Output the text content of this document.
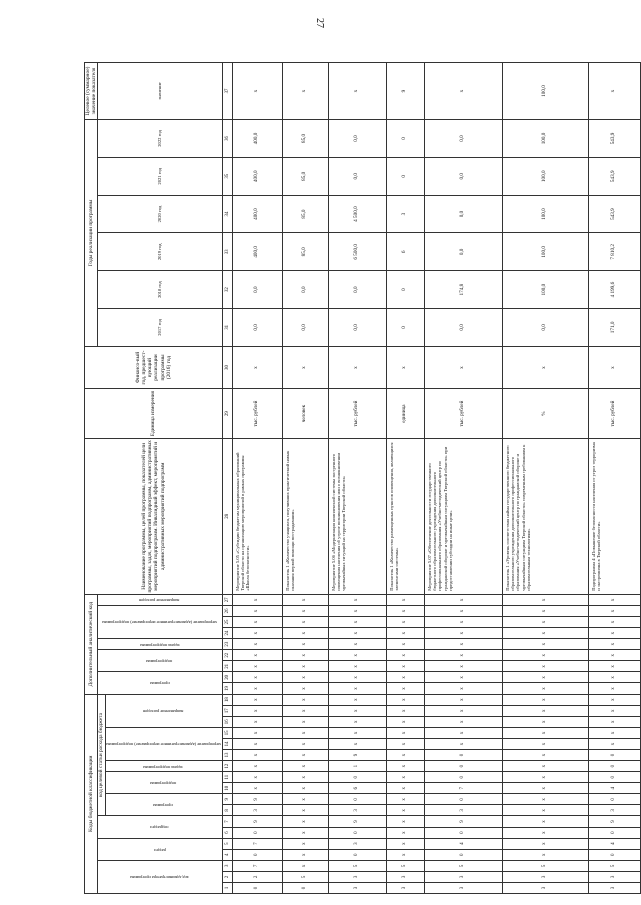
27
Коды бюджетной классификации																		Дополнительный аналитический код									Наименование программы, целей программы, показателей цели программы, задач, мероприятий подпрограмм, административных мероприятий подпрограмм. Инвалидный эффект, мероприятий и административных мероприятий подпрограмм	Единица измерения	Финансо-вый год, предшест-вующий реализации программы (2016) год	Годы реализации программы						Целевое (суммарное) значение показателя
код администратора программы			раздел		подраздел		код целевой статьи расхода бюджета											программа		подпрограмма		задача подпрограммы	мероприятие (административное мероприятие) подпрограммы			направление расходов				2017 год	2018 год	2019 год	2020 год	2021 год	2022 год	значение
							программа		подпрограмма		задача подпрограммы	мероприятие (административное мероприятие) подпрограммы			направление расходов																					
1	2	3	4	5	6	7	8	9	10	11	12	13	14	15	16	17	18	19	20	21	22	23	24	25	26	27	28	29	30	31	32	33	34	35	36	37
0	2	7	0	7	0	9	3	9	x	x	x	x	x	x	x	x	x	x	x	x	x	x	x	x	x	x	Мероприятие 5.05 «Субсидии бюджетам муниципальных образований Тверской области на организацию мероприятий в рамках программы «Школа безопасности»	тыс. рублей	x	0,0	0,0	400,0	400,0	400,0	400,0	x
0	5	x	x	x	x	x	x	x	x	x	x	x	x	x	x	x	x	x	x	x	x	x	x	x	x	x	Показатель 1 «Количество учащихся, получивших практический навык оказания первой помощи пострадавшим»	человек	x	0,0	0,0	85,0	85,0	85,0	85,0	x
3	3	5	0	3	0	9	3	0	6	0	1	9	x	x	x	x	x	x	x	x	x	x	x	x	x	x	Мероприятие 5.06 «Модернизация комплексной системы экстренного оповещения населения об угрозе возникновения или о возникновении чрезвычайных ситуаций на территории Тверской области»	тыс. рублей	x	0,0	0,0	6 500,0	4 500,0	0,0	0,0	x
3	3	5	x	x	x	x	x	x	x	x	x	x	x	x	x	x	x	x	x	x	x	x	x	x	x	x	Показатель 1 «Количество размещенных пунктов оповещения, являющихся элементами системы»	единица	x	0	0	6	3	0	0	9
3	3	5	0	4	0	9	3	0	7	0	0	0	x	x	x	x	x	x	x	x	x	x	x	x	x	x	Мероприятие 5.07 «Обеспечение деятельности государственного бюджетного образовательного учреждения дополнительного профессионального образования «Учебно-методический центр по гражданской обороне и чрезвычайным ситуациям Тверской области» при предоставлении субсидии на иные цели»	тыс. рублей	x	0,0	174,8	0,0	0,0	0,0	0,0	x
3	3	5	x	x	x	x	x	x	x	x	x	x	x	x	x	x	x	x	x	x	x	x	x	x	x	x	Показатель 1 «Уровень соответствия найма государственного бюджетного образовательного учреждения дополнительного профессионального образования «Учебно-методический центр по гражданской обороне и чрезвычайным ситуациям Тверской области» современным требованиям к образовательным технологиям»	%	x	0,0	100,0	100,0	100,0	100,0	100,0	100,0
3	3	5	0	4	0	9	3	0	4	0	0	0	x	x	x	x	x	x	x	x	x	x	x	x	x	x	Подпрограмма 4 «Повышение безопасности населения от угроз терроризма и экстремизма в Тверской области»	тыс. рублей	x	171,0	4 199,6	7 810,2	543,9	543,9	543,9	x
